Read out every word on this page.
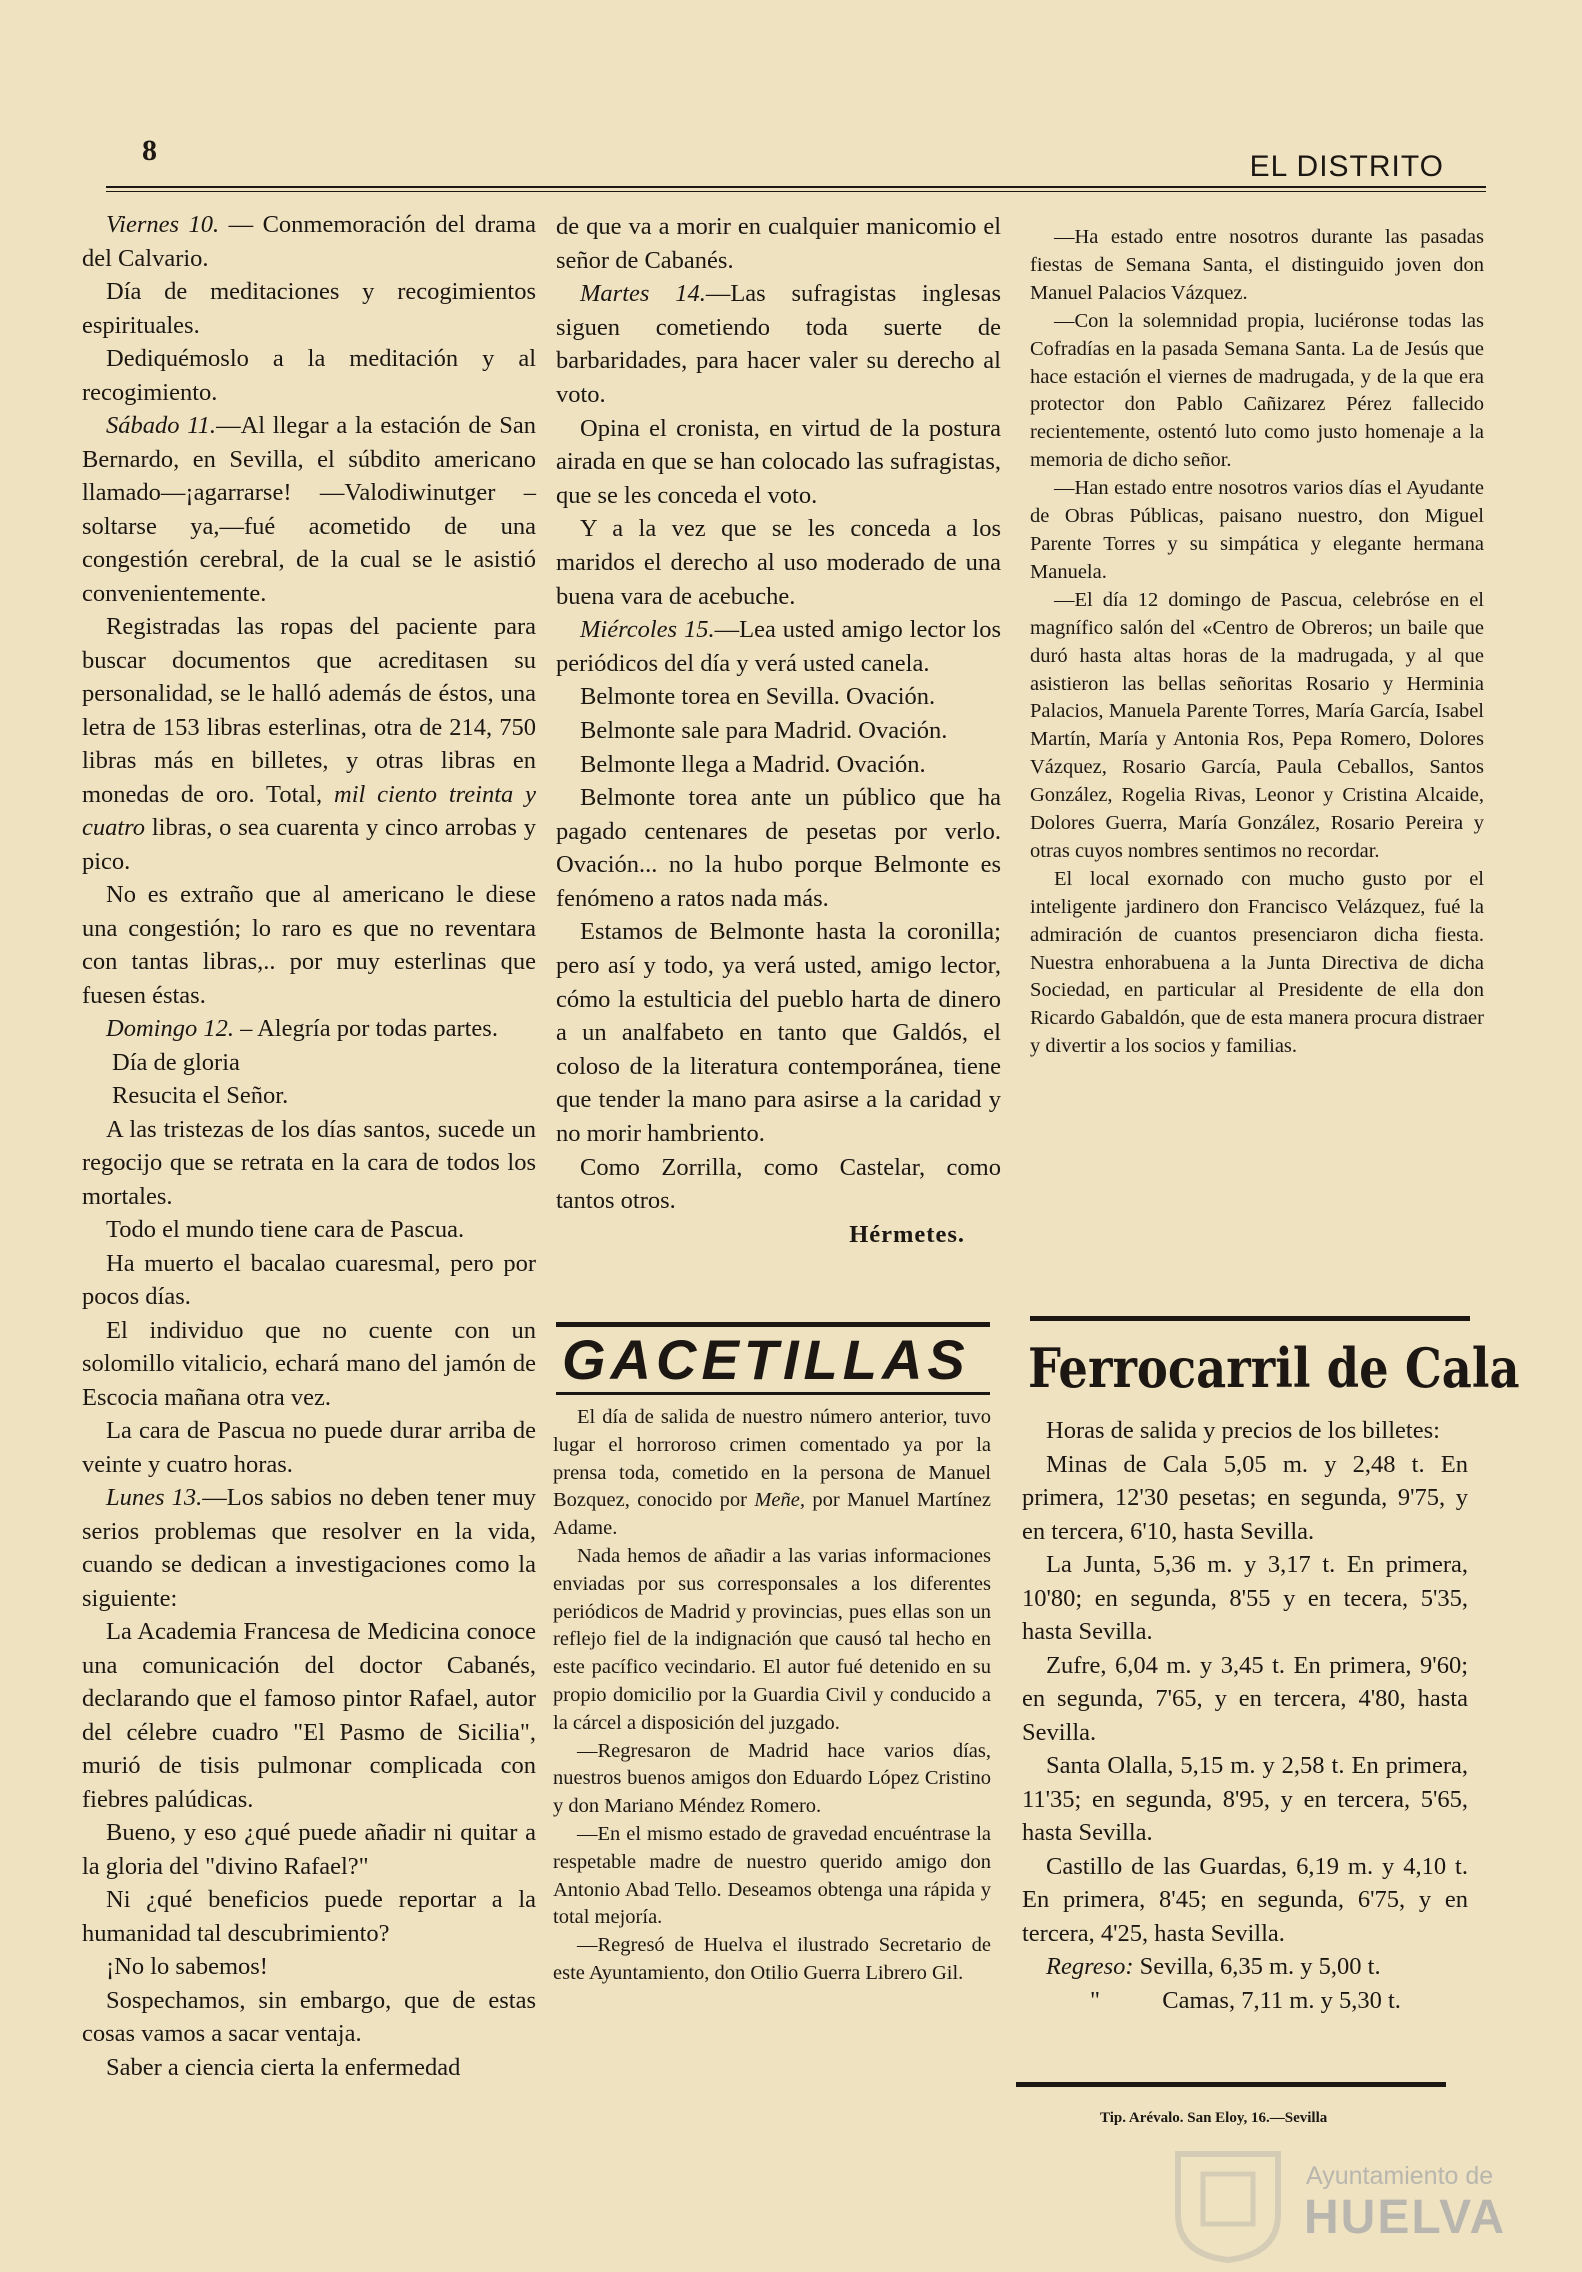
8	EL DISTRITO

Viernes 10. — Conmemoración del drama del Calvario.

Día de meditaciones y recogimientos espirituales.

Dediquémoslo a la meditación y al recogimiento.

Sábado 11.—Al llegar a la estación de San Bernardo, en Sevilla, el súbdito americano llamado—¡agarrarse! —Valodiwinutger – soltarse ya,—fué acometido de una congestión cerebral, de la cual se le asistió convenientemente.

Registradas las ropas del paciente para buscar documentos que acreditasen su personalidad, se le halló además de éstos, una letra de 153 libras esterlinas, otra de 214, 750 libras más en billetes, y otras libras en monedas de oro. Total, mil ciento treinta y cuatro libras, o sea cuarenta y cinco arrobas y pico.

No es extraño que al americano le diese una congestión; lo raro es que no reventara con tantas libras,.. por muy esterlinas que fuesen éstas.

Domingo 12. – Alegría por todas partes.

Día de gloria

Resucita el Señor.

A las tristezas de los días santos, sucede un regocijo que se retrata en la cara de todos los mortales.

Todo el mundo tiene cara de Pascua.

Ha muerto el bacalao cuaresmal, pero por pocos días.

El individuo que no cuente con un solomillo vitalicio, echará mano del jamón de Escocia mañana otra vez.

La cara de Pascua no puede durar arriba de veinte y cuatro horas.

Lunes 13.—Los sabios no deben tener muy serios problemas que resolver en la vida, cuando se dedican a investigaciones como la siguiente:

La Academia Francesa de Medicina conoce una comunicación del doctor Cabanés, declarando que el famoso pintor Rafael, autor del célebre cuadro "El Pasmo de Sicilia", murió de tisis pulmonar complicada con fiebres palúdicas.

Bueno, y eso ¿qué puede añadir ni quitar a la gloria del "divino Rafael?"

Ni ¿qué beneficios puede reportar a la humanidad tal descubrimiento?

¡No lo sabemos!

Sospechamos, sin embargo, que de estas cosas vamos a sacar ventaja.

Saber a ciencia cierta la enfermedad

de que va a morir en cualquier manicomio el señor de Cabanés.

Martes 14.—Las sufragistas inglesas siguen cometiendo toda suerte de barbaridades, para hacer valer su derecho al voto.

Opina el cronista, en virtud de la postura airada en que se han colocado las sufragistas, que se les conceda el voto.

Y a la vez que se les conceda a los maridos el derecho al uso moderado de una buena vara de acebuche.

Miércoles 15.—Lea usted amigo lector los periódicos del día y verá usted canela.

Belmonte torea en Sevilla. Ovación.

Belmonte sale para Madrid. Ovación.

Belmonte llega a Madrid. Ovación.

Belmonte torea ante un público que ha pagado centenares de pesetas por verlo. Ovación... no la hubo porque Belmonte es fenómeno a ratos nada más.

Estamos de Belmonte hasta la coronilla; pero así y todo, ya verá usted, amigo lector, cómo la estulticia del pueblo harta de dinero a un analfabeto en tanto que Galdós, el coloso de la literatura contemporánea, tiene que tender la mano para asirse a la caridad y no morir hambriento.

Como Zorrilla, como Castelar, como tantos otros.

Hérmetes.

—Ha estado entre nosotros durante las pasadas fiestas de Semana Santa, el distinguido joven don Manuel Palacios Vázquez.

—Con la solemnidad propia, luciéronse todas las Cofradías en la pasada Semana Santa. La de Jesús que hace estación el viernes de madrugada, y de la que era protector don Pablo Cañizarez Pérez fallecido recientemente, ostentó luto como justo homenaje a la memoria de dicho señor.

—Han estado entre nosotros varios días el Ayudante de Obras Públicas, paisano nuestro, don Miguel Parente Torres y su simpática y elegante hermana Manuela.

—El día 12 domingo de Pascua, celebróse en el magnífico salón del «Centro de Obreros; un baile que duró hasta altas horas de la madrugada, y al que asistieron las bellas señoritas Rosario y Herminia Palacios, Manuela Parente Torres, María García, Isabel Martín, María y Antonia Ros, Pepa Romero, Dolores Vázquez, Rosario García, Paula Ceballos, Santos González, Rogelia Rivas, Leonor y Cristina Alcaide, Dolores Guerra, María González, Rosario Pereira y otras cuyos nombres sentimos no recordar.

El local exornado con mucho gusto por el inteligente jardinero don Francisco Velázquez, fué la admiración de cuantos presenciaron dicha fiesta. Nuestra enhorabuena a la Junta Directiva de dicha Sociedad, en particular al Presidente de ella don Ricardo Gabaldón, que de esta manera procura distraer y divertir a los socios y familias.

GACETILLAS

El día de salida de nuestro número anterior, tuvo lugar el horroroso crimen comentado ya por la prensa toda, cometido en la persona de Manuel Bozquez, conocido por Meñe, por Manuel Martínez Adame.

Nada hemos de añadir a las varias informaciones enviadas por sus corresponsales a los diferentes periódicos de Madrid y provincias, pues ellas son un reflejo fiel de la indignación que causó tal hecho en este pacífico vecindario. El autor fué detenido en su propio domicilio por la Guardia Civil y conducido a la cárcel a disposición del juzgado.

—Regresaron de Madrid hace varios días, nuestros buenos amigos don Eduardo López Cristino y don Mariano Méndez Romero.

—En el mismo estado de gravedad encuéntrase la respetable madre de nuestro querido amigo don Antonio Abad Tello. Deseamos obtenga una rápida y total mejoría.

—Regresó de Huelva el ilustrado Secretario de este Ayuntamiento, don Otilio Guerra Librero Gil.

Ferrocarril de Cala

Horas de salida y precios de los billetes:

Minas de Cala 5,05 m. y 2,48 t. En primera, 12'30 pesetas; en segunda, 9'75, y en tercera, 6'10, hasta Sevilla.

La Junta, 5,36 m. y 3,17 t. En primera, 10'80; en segunda, 8'55 y en tecera, 5'35, hasta Sevilla.

Zufre, 6,04 m. y 3,45 t. En primera, 9'60; en segunda, 7'65, y en tercera, 4'80, hasta Sevilla.

Santa Olalla, 5,15 m. y 2,58 t. En primera, 11'35; en segunda, 8'95, y en tercera, 5'65, hasta Sevilla.

Castillo de las Guardas, 6,19 m. y 4,10 t. En primera, 8'45; en segunda, 6'75, y en tercera, 4'25, hasta Sevilla.

Regreso: Sevilla, 6,35 m. y 5,00 t.

"	Camas, 7,11 m. y 5,30 t.

Tip. Arévalo. San Eloy, 16.—Sevilla
Ayuntamiento de
HUELVA
